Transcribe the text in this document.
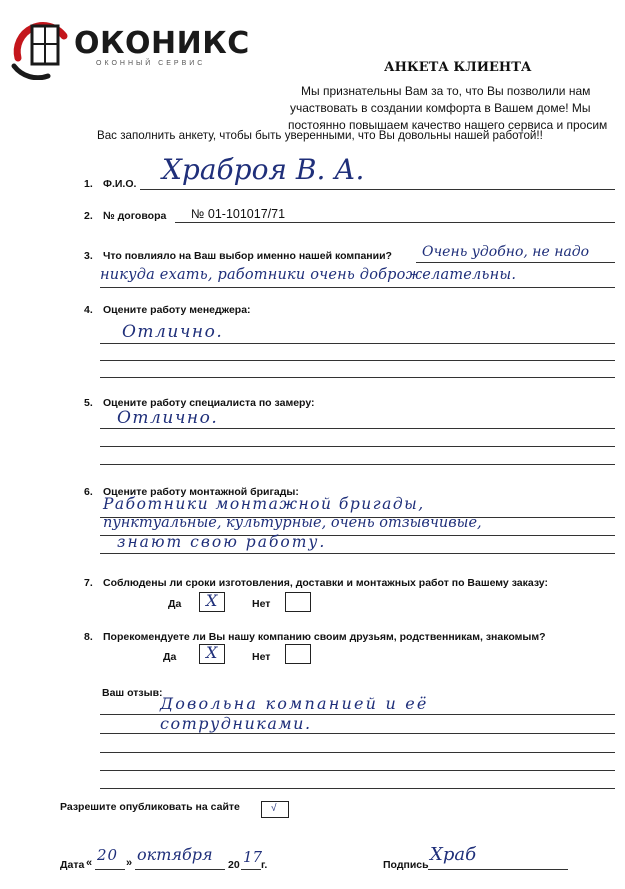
ОКОНИКС
ОКОННЫЙ СЕРВИС	АНКЕТА КЛИЕНТА
Мы признательны Вам за то, что Вы позволили нам
участвовать в создании комфорта в Вашем доме! Мы
постоянно повышаем качество нашего сервиса и просим
Вас заполнить анкету, чтобы быть уверенными, что Вы довольны нашей работой!!
1. Ф.И.О. Храброя В. А.
2. № договора № 01-101017/71
3. Что повлияло на Ваш выбор именно нашей компании? Очень удобно, не надо
никуда ехать, работники очень доброжелательны.
4. Оцените работу менеджера:
Отлично.
5. Оцените работу специалиста по замеру:
Отлично.
6. Оцените работу монтажной бригады:
Работники монтажной бригады,
пунктуальные, культурные, очень отзывчивые,
знают свою работу.
7. Соблюдены ли сроки изготовления, доставки и монтажных работ по Вашему заказу:
Да X	Нет
8. Порекомендуете ли Вы нашу компанию своим друзьям, родственникам, знакомым?
Да X	Нет
Ваш отзыв:
Довольна компанией и её
сотрудниками.
Разрешите опубликовать на сайте	√
Дата « 20 » октября
20 17
г.	Подпись Храб
